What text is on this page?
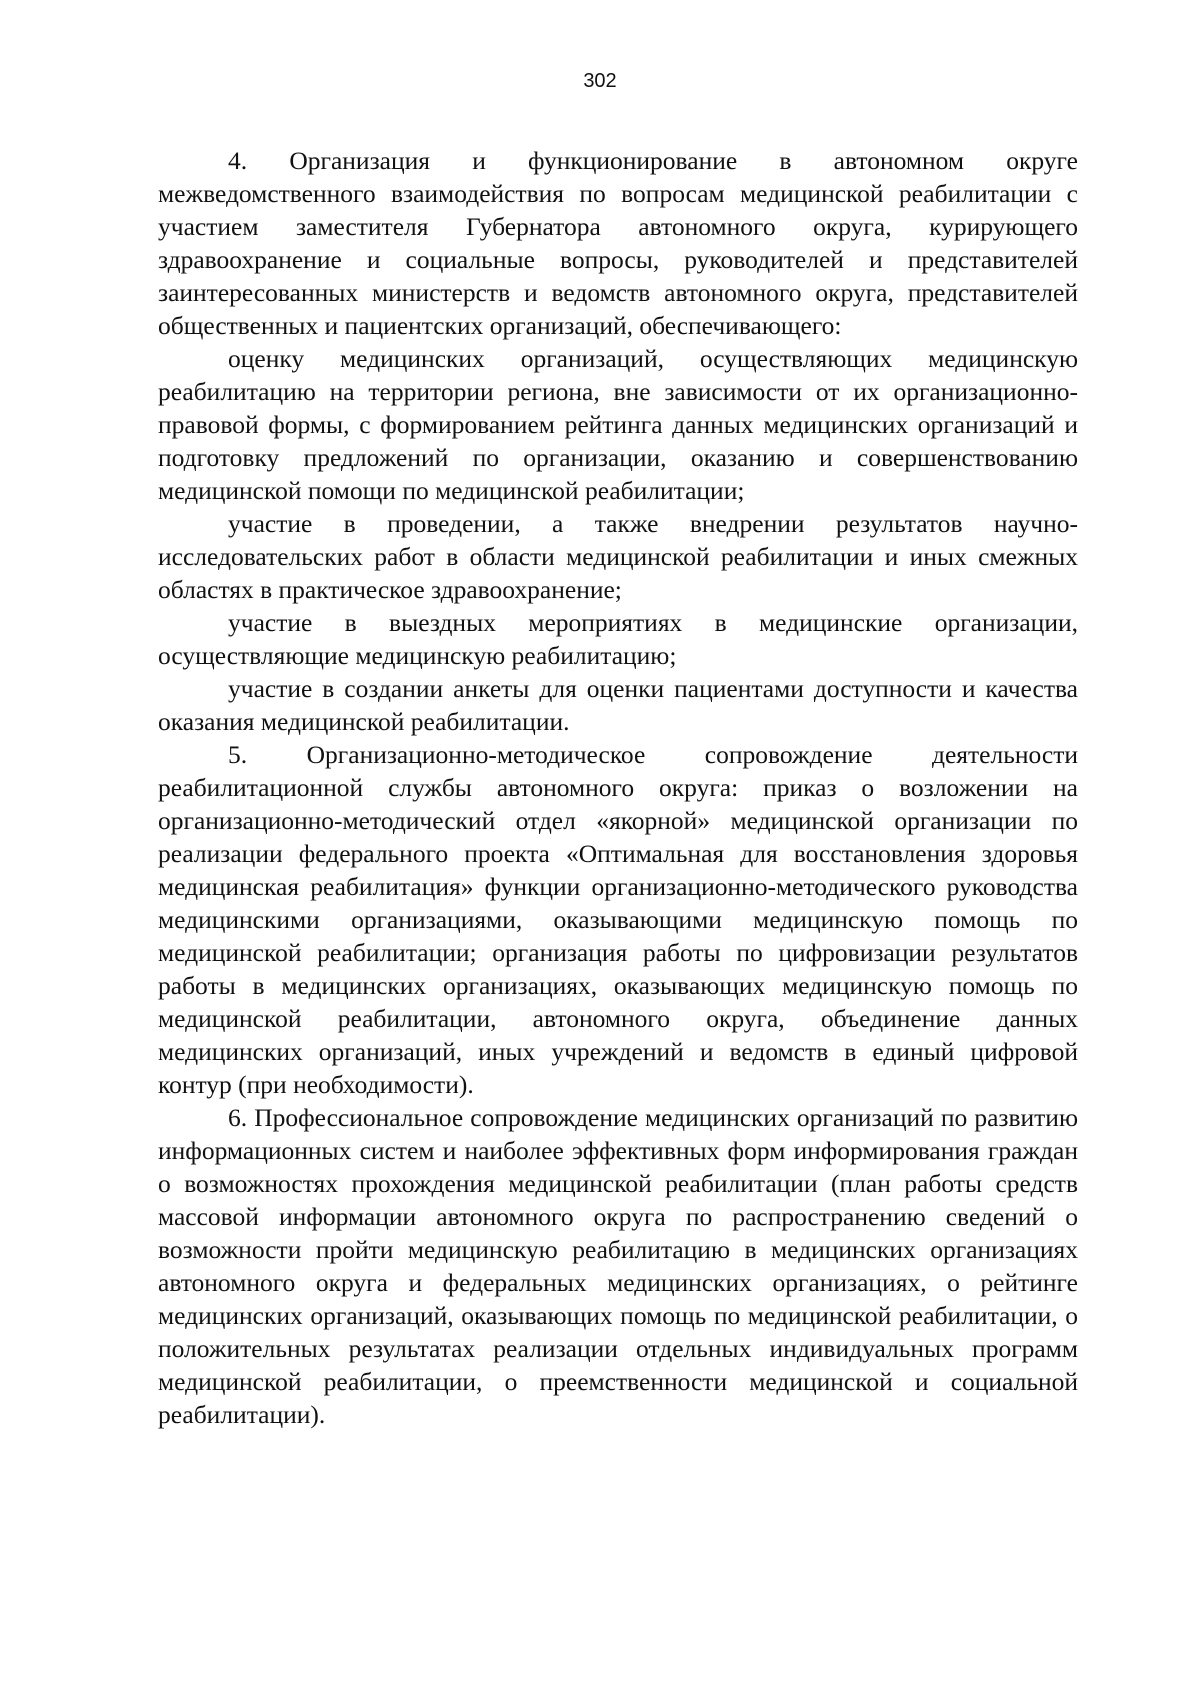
302

4. Организация и функционирование в автономном округе межведомственного взаимодействия по вопросам медицинской реабилитации с участием заместителя Губернатора автономного округа, курирующего здравоохранение и социальные вопросы, руководителей и представителей заинтересованных министерств и ведомств автономного округа, представителей общественных и пациентских организаций, обеспечивающего:

оценку медицинских организаций, осуществляющих медицинскую реабилитацию на территории региона, вне зависимости от их организационно-правовой формы, с формированием рейтинга данных медицинских организаций и подготовку предложений по организации, оказанию и совершенствованию медицинской помощи по медицинской реабилитации;

участие в проведении, а также внедрении результатов научно-исследовательских работ в области медицинской реабилитации и иных смежных областях в практическое здравоохранение;

участие в выездных мероприятиях в медицинские организации, осуществляющие медицинскую реабилитацию;

участие в создании анкеты для оценки пациентами доступности и качества оказания медицинской реабилитации.

5. Организационно-методическое сопровождение деятельности реабилитационной службы автономного округа: приказ о возложении на организационно-методический отдел «якорной» медицинской организации по реализации федерального проекта «Оптимальная для восстановления здоровья медицинская реабилитация» функции организационно-методического руководства медицинскими организациями, оказывающими медицинскую помощь по медицинской реабилитации; организация работы по цифровизации результатов работы в медицинских организациях, оказывающих медицинскую помощь по медицинской реабилитации, автономного округа, объединение данных медицинских организаций, иных учреждений и ведомств в единый цифровой контур (при необходимости).

6. Профессиональное сопровождение медицинских организаций по развитию информационных систем и наиболее эффективных форм информирования граждан о возможностях прохождения медицинской реабилитации (план работы средств массовой информации автономного округа по распространению сведений о возможности пройти медицинскую реабилитацию в медицинских организациях автономного округа и федеральных медицинских организациях, о рейтинге медицинских организаций, оказывающих помощь по медицинской реабилитации, о положительных результатах реализации отдельных индивидуальных программ медицинской реабилитации, о преемственности медицинской и социальной реабилитации).
